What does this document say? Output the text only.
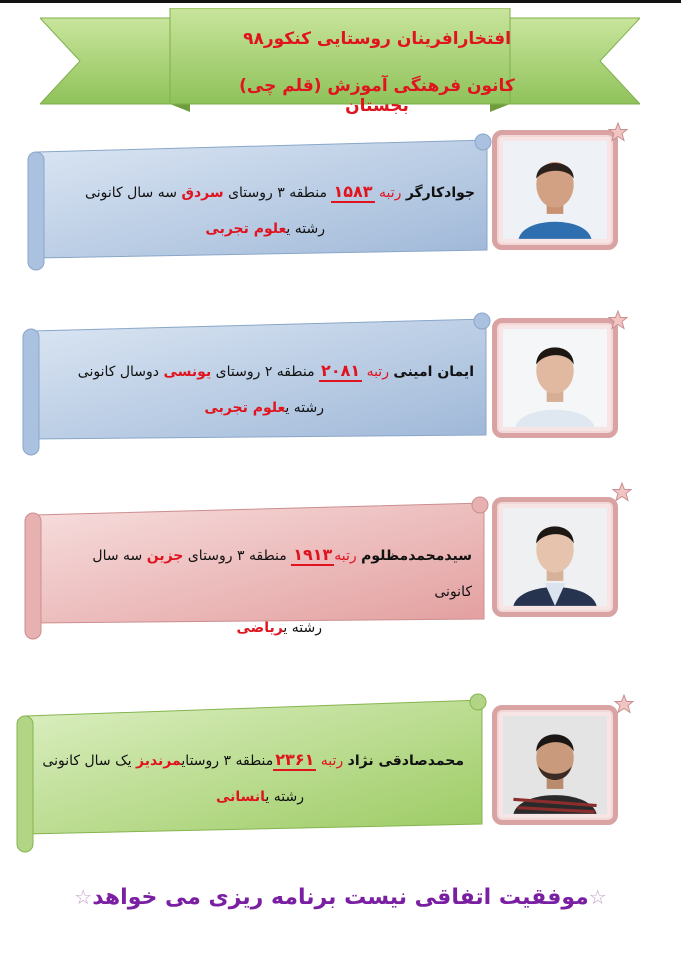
افتخارافرینان روستایی کنکور۹۸
کانون فرهنگی آموزش (قلم چی) بجستان
جوادکارگر رتبه ۱۵۸۳ منطقه ۳ روستای سردق سه سال کانونی
رشته یعلوم تجربی
ایمان امینی رتبه ۲۰۸۱ منطقه ۲ روستای یونسی دوسال کانونی
رشته یعلوم تجربی
سیدمحمدمظلوم رتبه۱۹۱۳ منطقه ۳ روستای جزین سه سال کانونی
رشته یریاضی
محمدصادقی نژاد رتبه ۲۳۶۱منطقه ۳ روستایمرندیز یک سال کانونی
رشته یانسانی
☆موفقیت اتفاقی نیست برنامه ریزی می خواهد☆
